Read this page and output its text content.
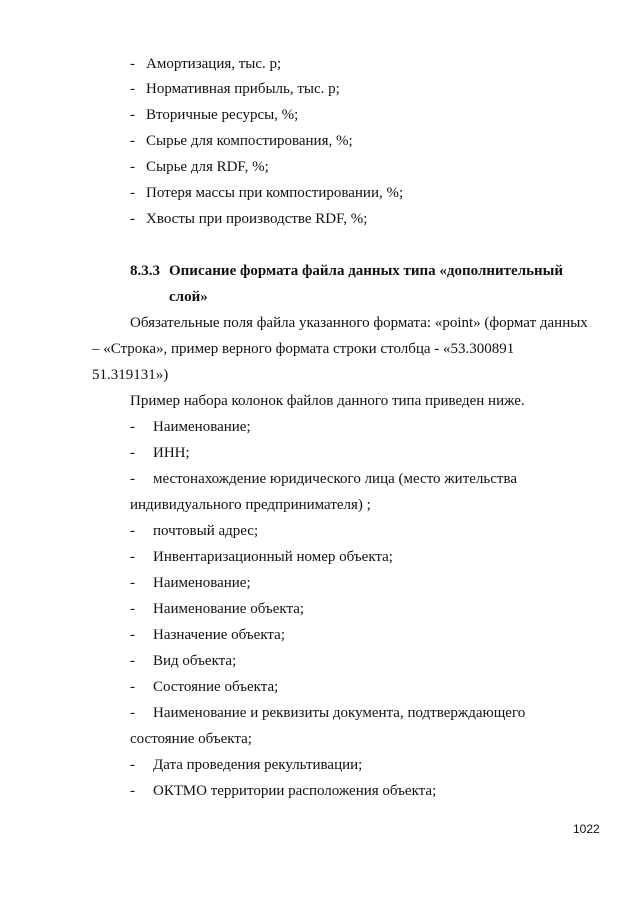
- Амортизация, тыс. р;
- Нормативная прибыль, тыс. р;
- Вторичные ресурсы, %;
- Сырье для компостирования, %;
- Сырье для RDF, %;
- Потеря массы при компостировании, %;
- Хвосты при производстве RDF, %;
8.3.3 Описание формата файла данных типа «дополнительный
слой»
Обязательные поля файла указанного формата: «point» (формат данных
– «Строка», пример верного формата строки столбца - «53.300891
51.319131»)
Пример набора колонок файлов данного типа приведен ниже.
- Наименование;
- ИНН;
- местонахождение юридического лица (место жительства
индивидуального предпринимателя) ;
- почтовый адрес;
- Инвентаризационный номер объекта;
- Наименование;
- Наименование объекта;
- Назначение объекта;
- Вид объекта;
- Состояние объекта;
- Наименование и реквизиты документа, подтверждающего
состояние объекта;
- Дата проведения рекультивации;
- ОКТМО территории расположения объекта;
1022
